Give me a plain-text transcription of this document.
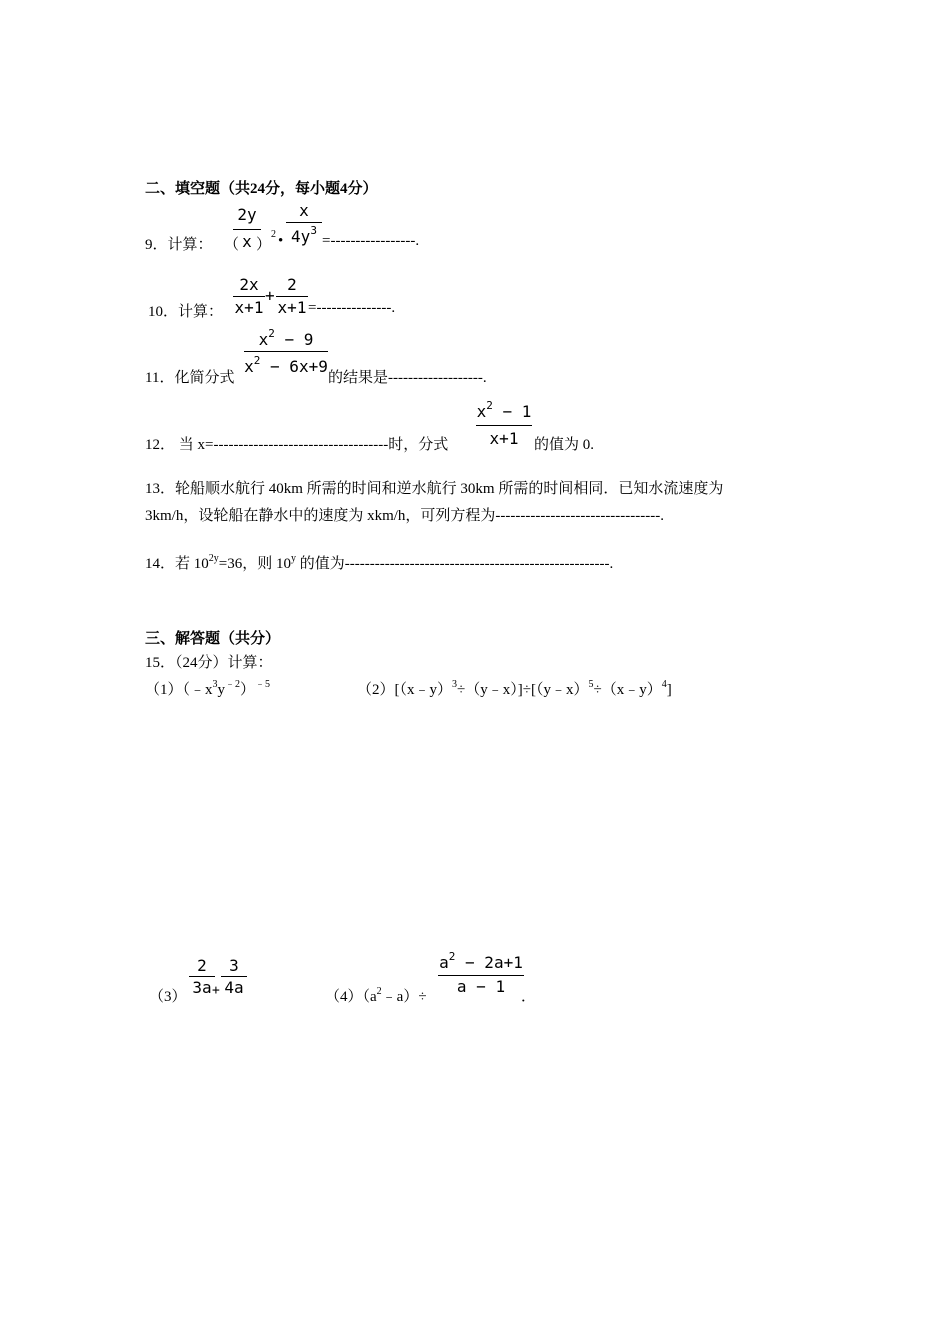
二、填空题（共24分，每小题4分）
9．计算： （
2y
x ）
2 •
x
$4y^3$
=-----------------.
10．计算：
2x
x+1
+
2
x+1 =---------------.
11．化简分式
$x^2 - 9$
$x^2 - 6x+9$
的结果是-------------------.
12． 当 x=-----------------------------------时，分式
$x^2 - 1$
x+1	的值为 0.
13．轮船顺水航行 40km 所需的时间和逆水航行 30km 所需的时间相同．已知水流速度为
3km/h，设轮船在静水中的速度为 xkm/h，可列方程为---------------------------------.
14．若 $10^{2y}=36$，则 10$^y$ 的值为-----------------------------------------------------.
三、解答题（共分）
15．（24分）计算：
$(1)(﹣x^3y^{﹣2})^{﹣5}$	（2）[（x﹣y）$^3$÷（y﹣x）]÷[（y﹣x）$^5$÷（x﹣y）$^4$]
（3）
2
3a +
3
4a	$(4)(a^2﹣a)\div$
$a^2 - 2a+1$
a − 1
．
